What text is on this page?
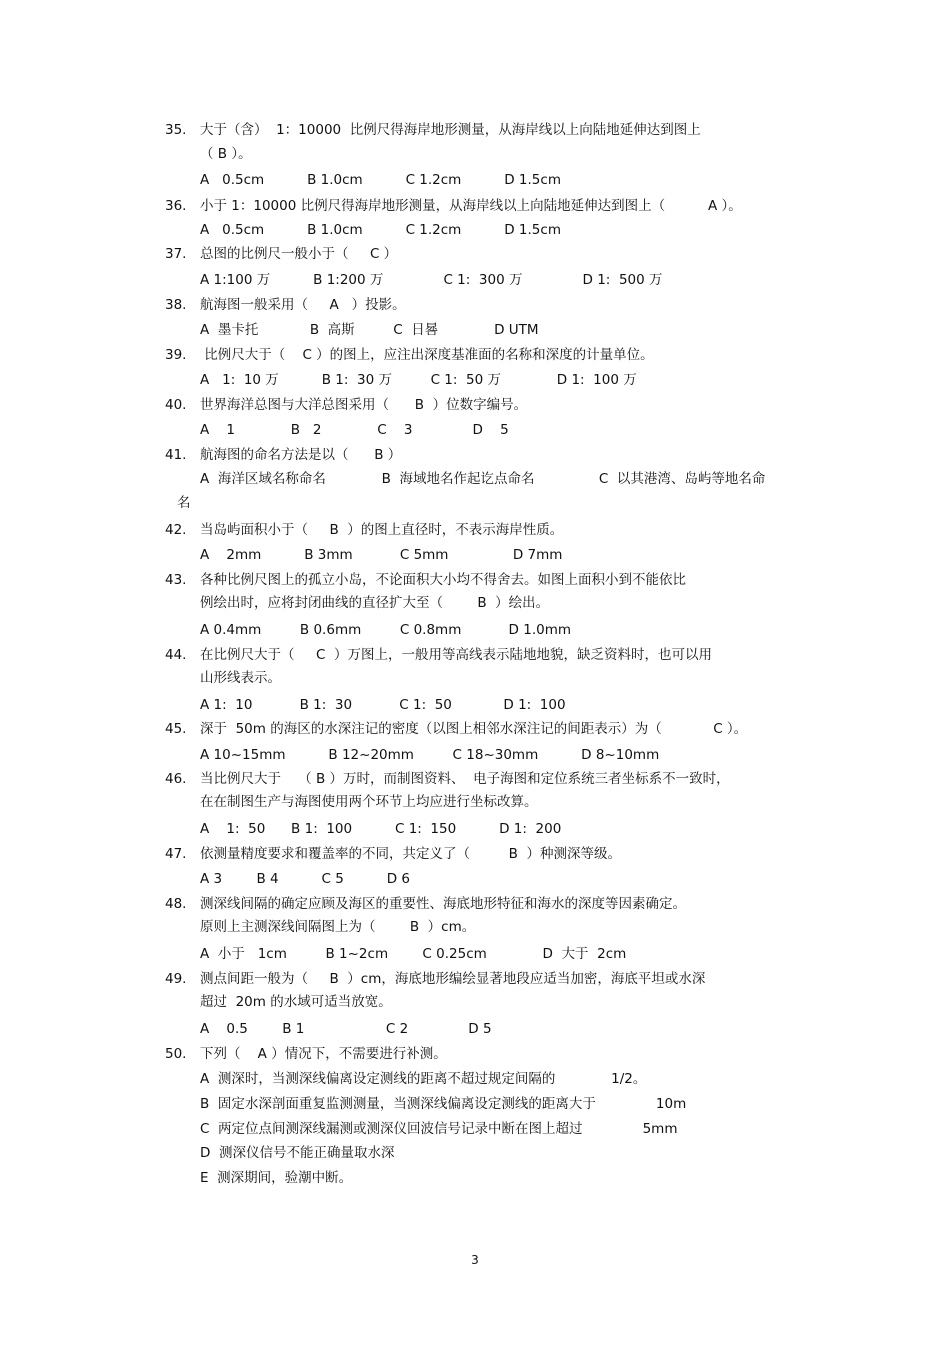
35. 大于（含）  1：10000  比例尺得海岸地形测量，从海岸线以上向陆地延伸达到图上
（ B ）。
A   0.5cm          B 1.0cm          C 1.2cm          D 1.5cm
36. 小于 1：10000 比例尺得海岸地形测量，从海岸线以上向陆地延伸达到图上（          A ）。
A   0.5cm          B 1.0cm          C 1.2cm          D 1.5cm
37. 总图的比例尺一般小于（     C ）
A 1:100 万          B 1:200 万              C 1:  300 万              D 1:  500 万
38. 航海图一般采用（     A   ）投影。
A  墨卡托            B  高斯         C  日晷             D UTM
39. 比例尺大于（    C ）的图上，应注出深度基准面的名称和深度的计量单位。
A   1:  10 万          B 1:  30 万         C 1:  50 万             D 1:  100 万
40. 世界海洋总图与大洋总图采用（      B  ）位数字编号。
A    1             B   2             C    3              D    5
41. 航海图的命名方法是以（      B ）
A  海洋区域名称命名             B  海域地名作起讫点命名               C  以其港湾、岛屿等地名命
名
42. 当岛屿面积小于（     B  ）的图上直径时，不表示海岸性质。
A    2mm          B 3mm           C 5mm               D 7mm
43. 各种比例尺图上的孤立小岛，不论面积大小均不得舍去。如图上面积小到不能依比
例绘出时，应将封闭曲线的直径扩大至（        B  ）绘出。
A 0.4mm         B 0.6mm         C 0.8mm           D 1.0mm
44. 在比例尺大于（     C  ）万图上，一般用等高线表示陆地地貌，缺乏资料时，也可以用
山形线表示。
A 1:  10           B 1:  30           C 1:  50            D 1:  100
45. 深于  50m 的海区的水深注记的密度（以图上相邻水深注记的间距表示）为（            C ）。
A 10~15mm          B 12~20mm         C 18~30mm          D 8~10mm
46. 当比例尺大于    （ B ）万时，而制图资料、  电子海图和定位系统三者坐标系不一致时，
在在制图生产与海图使用两个环节上均应进行坐标改算。
A    1:  50      B 1:  100          C 1:  150          D 1:  200
47. 依测量精度要求和覆盖率的不同，共定义了（         B  ）种测深等级。
A 3        B 4          C 5          D 6
48. 测深线间隔的确定应顾及海区的重要性、海底地形特征和海水的深度等因素确定。
原则上主测深线间隔图上为（        B  ）cm。
A  小于   1cm         B 1~2cm        C 0.25cm             D  大于  2cm
49. 测点间距一般为（     B  ）cm，海底地形编绘显著地段应适当加密，海底平坦或水深
超过  20m 的水域可适当放宽。
A    0.5        B 1                   C 2              D 5
50. 下列（    A ）情况下，不需要进行补测。
A  测深时，当测深线偏离设定测线的距离不超过规定间隔的             1/2。
B  固定水深剖面重复监测测量，当测深线偏离设定测线的距离大于              10m
C  两定位点间测深线漏测或测深仪回波信号记录中断在图上超过              5mm
D  测深仪信号不能正确量取水深
E  测深期间，验潮中断。
3
